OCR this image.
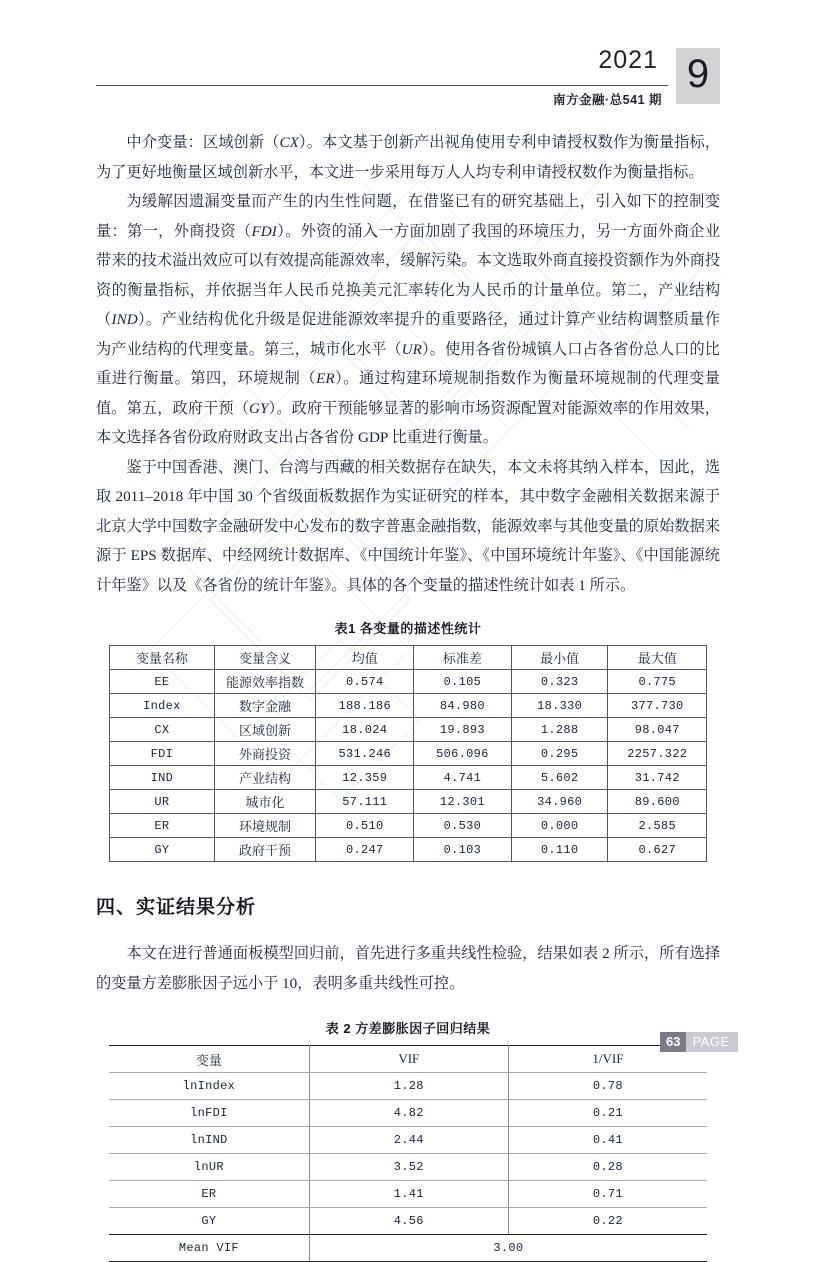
2021
南方金融·总541 期
9

中介变量：区域创新（CX）。本文基于创新产出视角使用专利申请授权数作为衡量指标，为了更好地衡量区域创新水平，本文进一步采用每万人人均专利申请授权数作为衡量指标。

为缓解因遗漏变量而产生的内生性问题，在借鉴已有的研究基础上，引入如下的控制变量：第一，外商投资（FDI）。外资的涌入一方面加剧了我国的环境压力，另一方面外商企业带来的技术溢出效应可以有效提高能源效率，缓解污染。本文选取外商直接投资额作为外商投资的衡量指标，并依据当年人民币兑换美元汇率转化为人民币的计量单位。第二，产业结构（IND）。产业结构优化升级是促进能源效率提升的重要路径，通过计算产业结构调整质量作为产业结构的代理变量。第三，城市化水平（UR）。使用各省份城镇人口占各省份总人口的比重进行衡量。第四，环境规制（ER）。通过构建环境规制指数作为衡量环境规制的代理变量值。第五，政府干预（GY）。政府干预能够显著的影响市场资源配置对能源效率的作用效果，本文选择各省份政府财政支出占各省份 GDP 比重进行衡量。

鉴于中国香港、澳门、台湾与西藏的相关数据存在缺失，本文未将其纳入样本，因此，选取 2011–2018 年中国 30 个省级面板数据作为实证研究的样本，其中数字金融相关数据来源于北京大学中国数字金融研发中心发布的数字普惠金融指数，能源效率与其他变量的原始数据来源于 EPS 数据库、中经网统计数据库、《中国统计年鉴》、《中国环境统计年鉴》、《中国能源统计年鉴》以及《各省份的统计年鉴》。具体的各个变量的描述性统计如表 1 所示。

表1 各变量的描述性统计
变量名称	变量含义	均值	标准差	最小值	最大值
EE	能源效率指数	0.574	0.105	0.323	0.775
Index	数字金融	188.186	84.980	18.330	377.730
CX	区域创新	18.024	19.893	1.288	98.047
FDI	外商投资	531.246	506.096	0.295	2257.322
IND	产业结构	12.359	4.741	5.602	31.742
UR	城市化	57.111	12.301	34.960	89.600
ER	环境规制	0.510	0.530	0.000	2.585
GY	政府干预	0.247	0.103	0.110	0.627
四、实证结果分析

本文在进行普通面板模型回归前，首先进行多重共线性检验，结果如表 2 所示，所有选择的变量方差膨胀因子远小于 10，表明多重共线性可控。

表 2 方差膨胀因子回归结果
变量	VIF	1/VIF
lnIndex	1.28	0.78
lnFDI	4.82	0.21
lnIND	2.44	0.41
lnUR	3.52	0.28
ER	1.41	0.71
GY	4.56	0.22
Mean VIF	3.00	
63 PAGE
